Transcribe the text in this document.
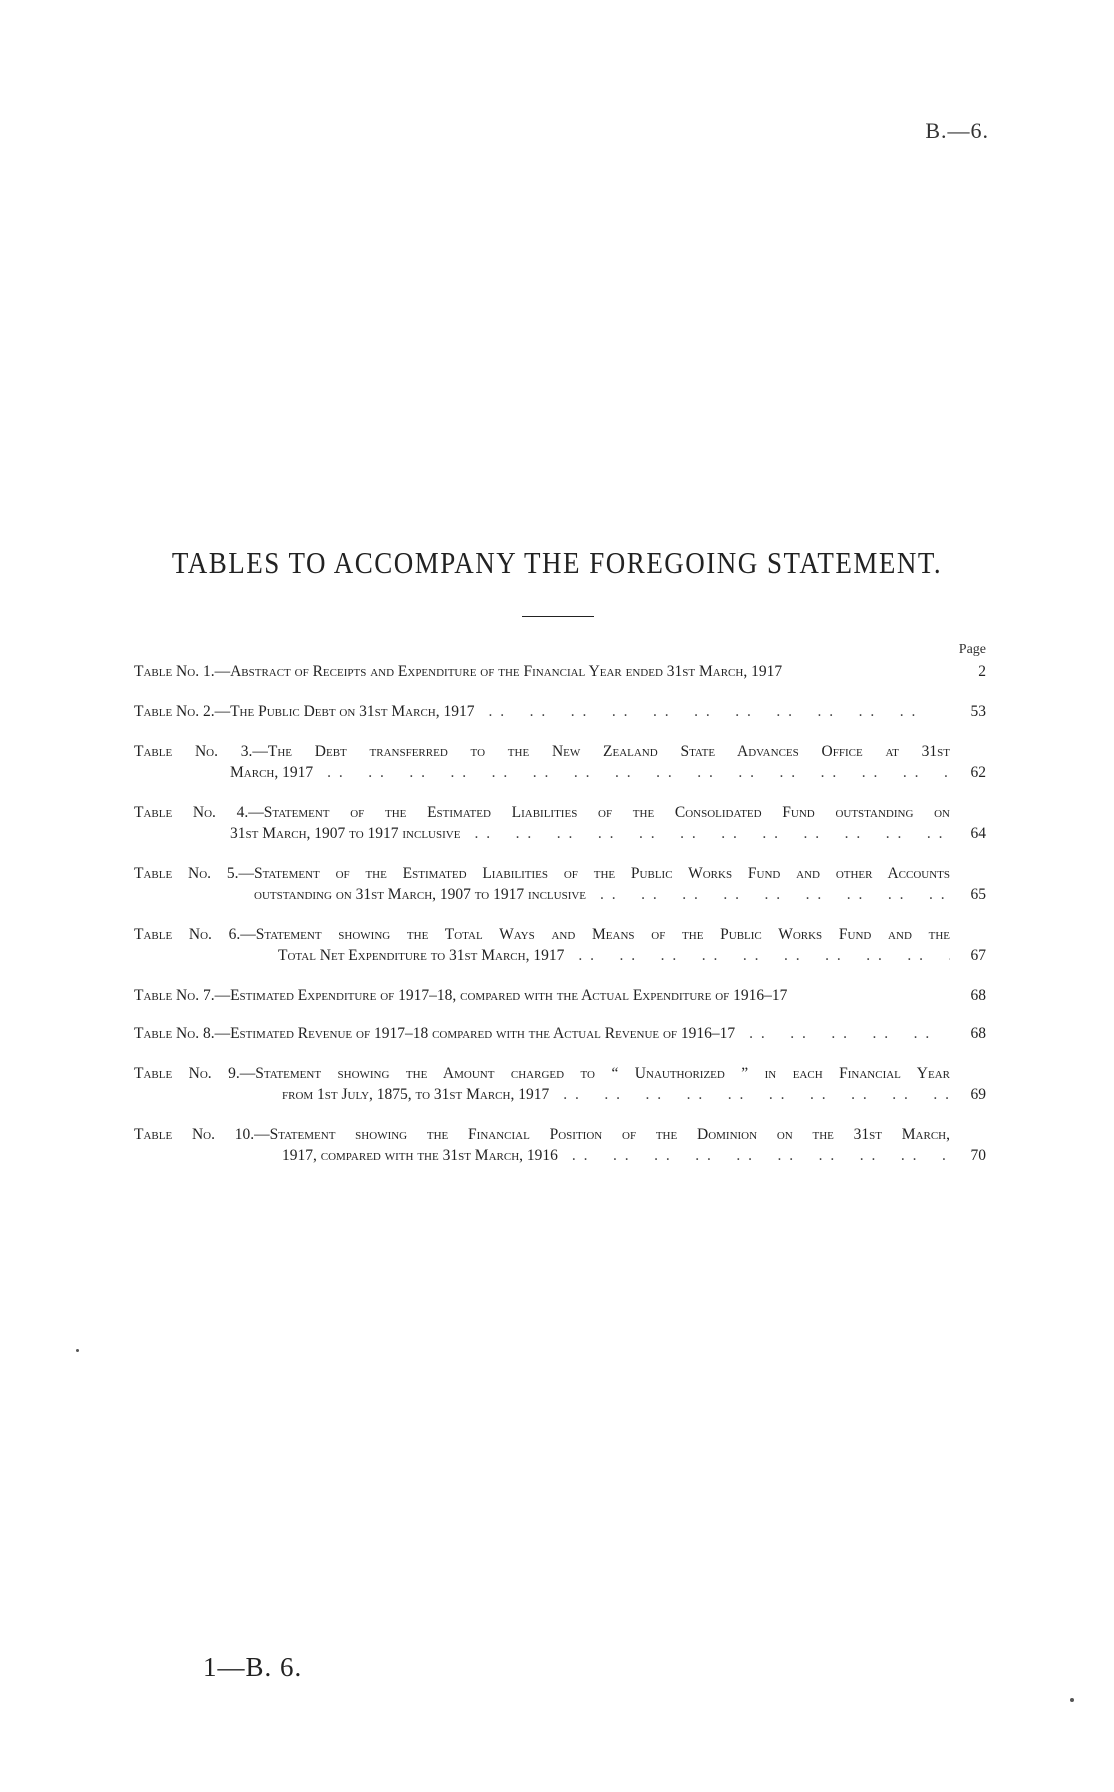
B.—6.
TABLES TO ACCOMPANY THE FOREGOING STATEMENT.
Page
Table No. 1.—Abstract of Receipts and Expenditure of the Financial Year ended 31st March, 1917	2
Table No. 2.—The Public Debt on 31st March, 1917 . .	53
Table No. 3.—The Debt transferred to the New Zealand State Advances Office at 31st
March, 1917 . .	62
Table No. 4.—Statement of the Estimated Liabilities of the Consolidated Fund outstanding on
31st March, 1907 to 1917 inclusive . .	64
Table No. 5.—Statement of the Estimated Liabilities of the Public Works Fund and other Accounts
outstanding on 31st March, 1907 to 1917 inclusive . .	65
Table No. 6.—Statement showing the Total Ways and Means of the Public Works Fund and the
Total Net Expenditure to 31st March, 1917 . .	67
Table No. 7.—Estimated Expenditure of 1917–18, compared with the Actual Expenditure of 1916–17	68
Table No. 8.—Estimated Revenue of 1917–18 compared with the Actual Revenue of 1916–17 . .	68
Table No. 9.—Statement showing the Amount charged to “ Unauthorized ” in each Financial Year
from 1st July, 1875, to 31st March, 1917 . .	69
Table No. 10.—Statement showing the Financial Position of the Dominion on the 31st March,
1917, compared with the 31st March, 1916 . .	70
1—B. 6.
